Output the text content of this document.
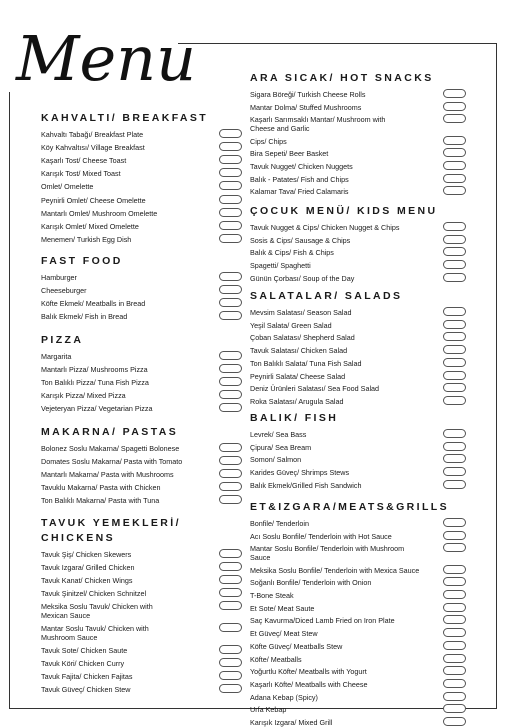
Menu
KAHVALTI/ BREAKFAST
Kahvaltı Tabağı/ Breakfast Plate
Köy Kahvaltısı/ Village Breakfast
Kaşarlı Tost/ Cheese Toast
Karışık Tost/ Mixed Toast
Omlet/ Omelette
Peynirli Omlet/ Cheese Omelette
Mantarlı Omlet/ Mushroom Omelette
Karışık Omlet/ Mixed Omelette
Menemen/ Turkish Egg Dish
FAST FOOD
Hamburger
Cheeseburger
Köfte Ekmek/ Meatballs in Bread
Balık Ekmek/ Fish in Bread
PIZZA
Margarita
Mantarlı Pizza/ Mushrooms Pizza
Ton Balıklı Pizza/ Tuna Fish Pizza
Karışık Pizza/ Mixed Pizza
Vejeteryan Pizza/ Vegetarian Pizza
MAKARNA/ PASTAS
Bolonez Soslu Makarna/ Spagetti Bolonese
Domates Soslu Makarna/ Pasta with Tomato
Mantarlı Makarna/ Pasta with Mushrooms
Tavuklu Makarna/ Pasta with Chicken
Ton Balıklı Makarna/ Pasta with Tuna
TAVUK YEMEKLERİ/
CHICKENS
Tavuk Şiş/ Chicken Skewers
Tavuk Izgara/ Grilled Chicken
Tavuk Kanat/ Chicken Wings
Tavuk Şinitzel/ Chicken Schnitzel
Meksika Soslu Tavuk/ Chicken with
Mexican Sauce
Mantar Soslu Tavuk/ Chicken with
Mushroom Sauce
Tavuk Sote/ Chicken Saute
Tavuk Köri/ Chicken Curry
Tavuk Fajita/ Chicken Fajitas
Tavuk Güveç/ Chicken Stew
ARA SICAK/ HOT SNACKS
Sigara Böreği/ Turkish Cheese Rolls
Mantar Dolma/ Stuffed Mushrooms
Kaşarlı Sarımsaklı Mantar/ Mushroom with
Cheese and Garlic
Cips/ Chips
Bira Sepeti/ Beer Basket
Tavuk Nugget/ Chicken Nuggets
Balık - Patates/ Fish and Chips
Kalamar Tava/ Fried Calamaris
ÇOCUK MENÜ/ KIDS MENU
Tavuk Nugget & Cips/ Chicken Nugget & Chips
Sosis & Cips/ Sausage & Chips
Balık & Cips/ Fish & Chips
Spagetti/ Spaghetti
Günün Çorbası/ Soup of the Day
SALATALAR/ SALADS
Mevsim Salatası/ Season Salad
Yeşil Salata/ Green Salad
Çoban Salatası/ Shepherd Salad
Tavuk Salatası/ Chicken Salad
Ton Balıklı Salata/ Tuna Fish Salad
Peynirli Salata/ Cheese Salad
Deniz Ürünleri Salatası/ Sea Food Salad
Roka Salatası/ Arugula Salad
BALIK/ FISH
Levrek/ Sea Bass
Çipura/ Sea Bream
Somon/ Salmon
Karides Güveç/ Shrimps Stews
Balık Ekmek/Grilled Fish Sandwich
ET&IZGARA/MEATS&GRILLS
Bonfile/ Tenderloin
Acı Soslu Bonfile/ Tenderloin with Hot Sauce
Mantar Soslu Bonfile/ Tenderloin with Mushroom
Sauce
Meksika Soslu Bonfile/ Tenderloin with Mexica Sauce
Soğanlı Bonfile/ Tenderloin with Onion
T-Bone Steak
Et Sote/ Meat Saute
Saç Kavurma/Diced Lamb Fried on Iron Plate
Et Güveç/ Meat Stew
Köfte Güveç/ Meatballs Stew
Köfte/ Meatballs
Yoğurtlu Köfte/ Meatballs with Yogurt
Kaşarlı Köfte/ Meatballs with Cheese
Adana Kebap (Spicy)
Urfa Kebap
Karışık Izgara/ Mixed Grill
